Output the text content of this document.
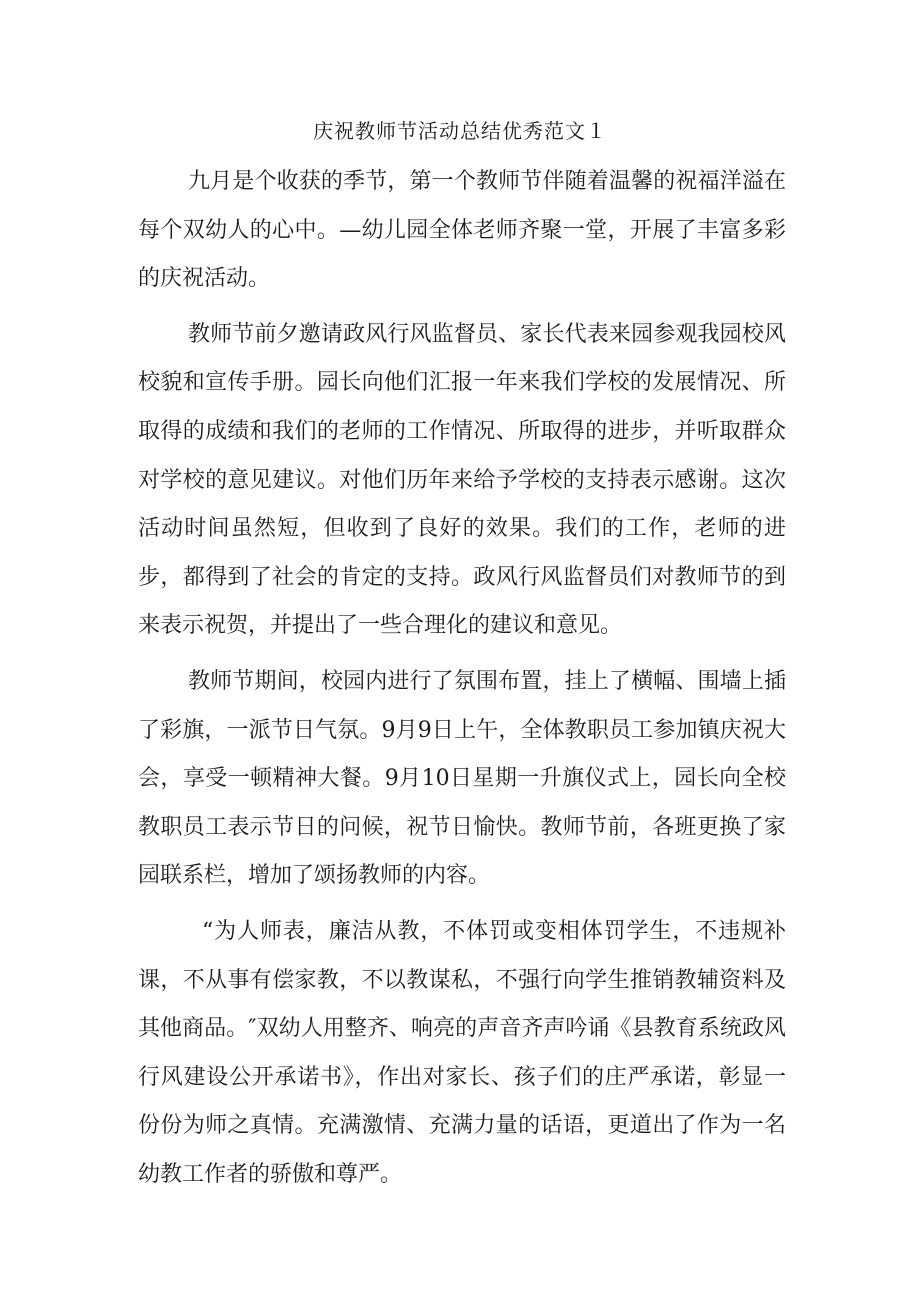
庆祝教师节活动总结优秀范文１

九月是个收获的季节，第一个教师节伴随着温馨的祝福洋溢在每个双幼人的心中。—幼儿园全体老师齐聚一堂，开展了丰富多彩的庆祝活动。

教师节前夕邀请政风行风监督员、家长代表来园参观我园校风校貌和宣传手册。园长向他们汇报一年来我们学校的发展情况、所取得的成绩和我们的老师的工作情况、所取得的进步，并听取群众对学校的意见建议。对他们历年来给予学校的支持表示感谢。这次活动时间虽然短，但收到了良好的效果。我们的工作，老师的进步，都得到了社会的肯定的支持。政风行风监督员们对教师节的到来表示祝贺，并提出了一些合理化的建议和意见。

教师节期间，校园内进行了氛围布置，挂上了横幅、围墙上插了彩旗，一派节日气氛。9月9日上午，全体教职员工参加镇庆祝大会，享受一顿精神大餐。9月10日星期一升旗仪式上，园长向全校教职员工表示节日的问候，祝节日愉快。教师节前，各班更换了家园联系栏，增加了颂扬教师的内容。

“为人师表，廉洁从教，不体罚或变相体罚学生，不违规补课，不从事有偿家教，不以教谋私，不强行向学生推销教辅资料及其他商品。″双幼人用整齐、响亮的声音齐声吟诵《县教育系统政风行风建设公开承诺书》，作出对家长、孩子们的庄严承诺，彰显一份份为师之真情。充满激情、充满力量的话语，更道出了作为一名幼教工作者的骄傲和尊严。
